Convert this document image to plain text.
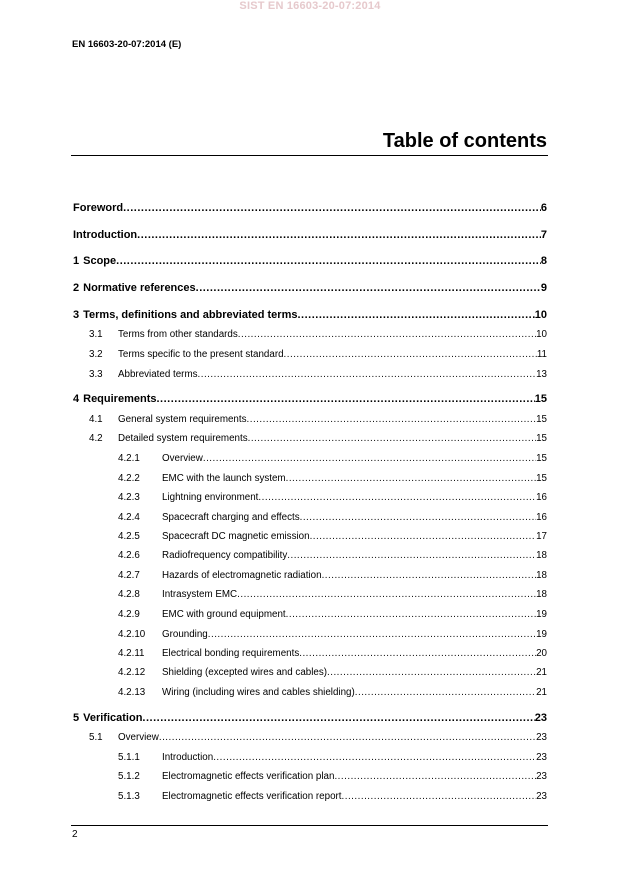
SIST EN 16603-20-07:2014
EN 16603-20-07:2014 (E)
Table of contents
Foreword .....	6
Introduction .....	7
1 Scope .....	8
2 Normative references .....	9
3 Terms, definitions and abbreviated terms .....	10
3.1	Terms from other standards .....	10
3.2	Terms specific to the present standard .....	11
3.3	Abbreviated terms .....	13
4 Requirements .....	15
4.1	General system requirements .....	15
4.2	Detailed system requirements .....	15
4.2.1	Overview .....	15
4.2.2	EMC with the launch system .....	15
4.2.3	Lightning environment .....	16
4.2.4	Spacecraft charging and effects .....	16
4.2.5	Spacecraft DC magnetic emission .....	17
4.2.6	Radiofrequency compatibility .....	18
4.2.7	Hazards of electromagnetic radiation .....	18
4.2.8	Intrasystem EMC .....	18
4.2.9	EMC with ground equipment .....	19
4.2.10	Grounding .....	19
4.2.11	Electrical bonding requirements .....	20
4.2.12	Shielding (excepted wires and cables) .....	21
4.2.13	Wiring (including wires and cables shielding) .....	21
5 Verification .....	23
5.1	Overview .....	23
5.1.1	Introduction .....	23
5.1.2	Electromagnetic effects verification plan .....	23
5.1.3	Electromagnetic effects verification report .....	23
2
